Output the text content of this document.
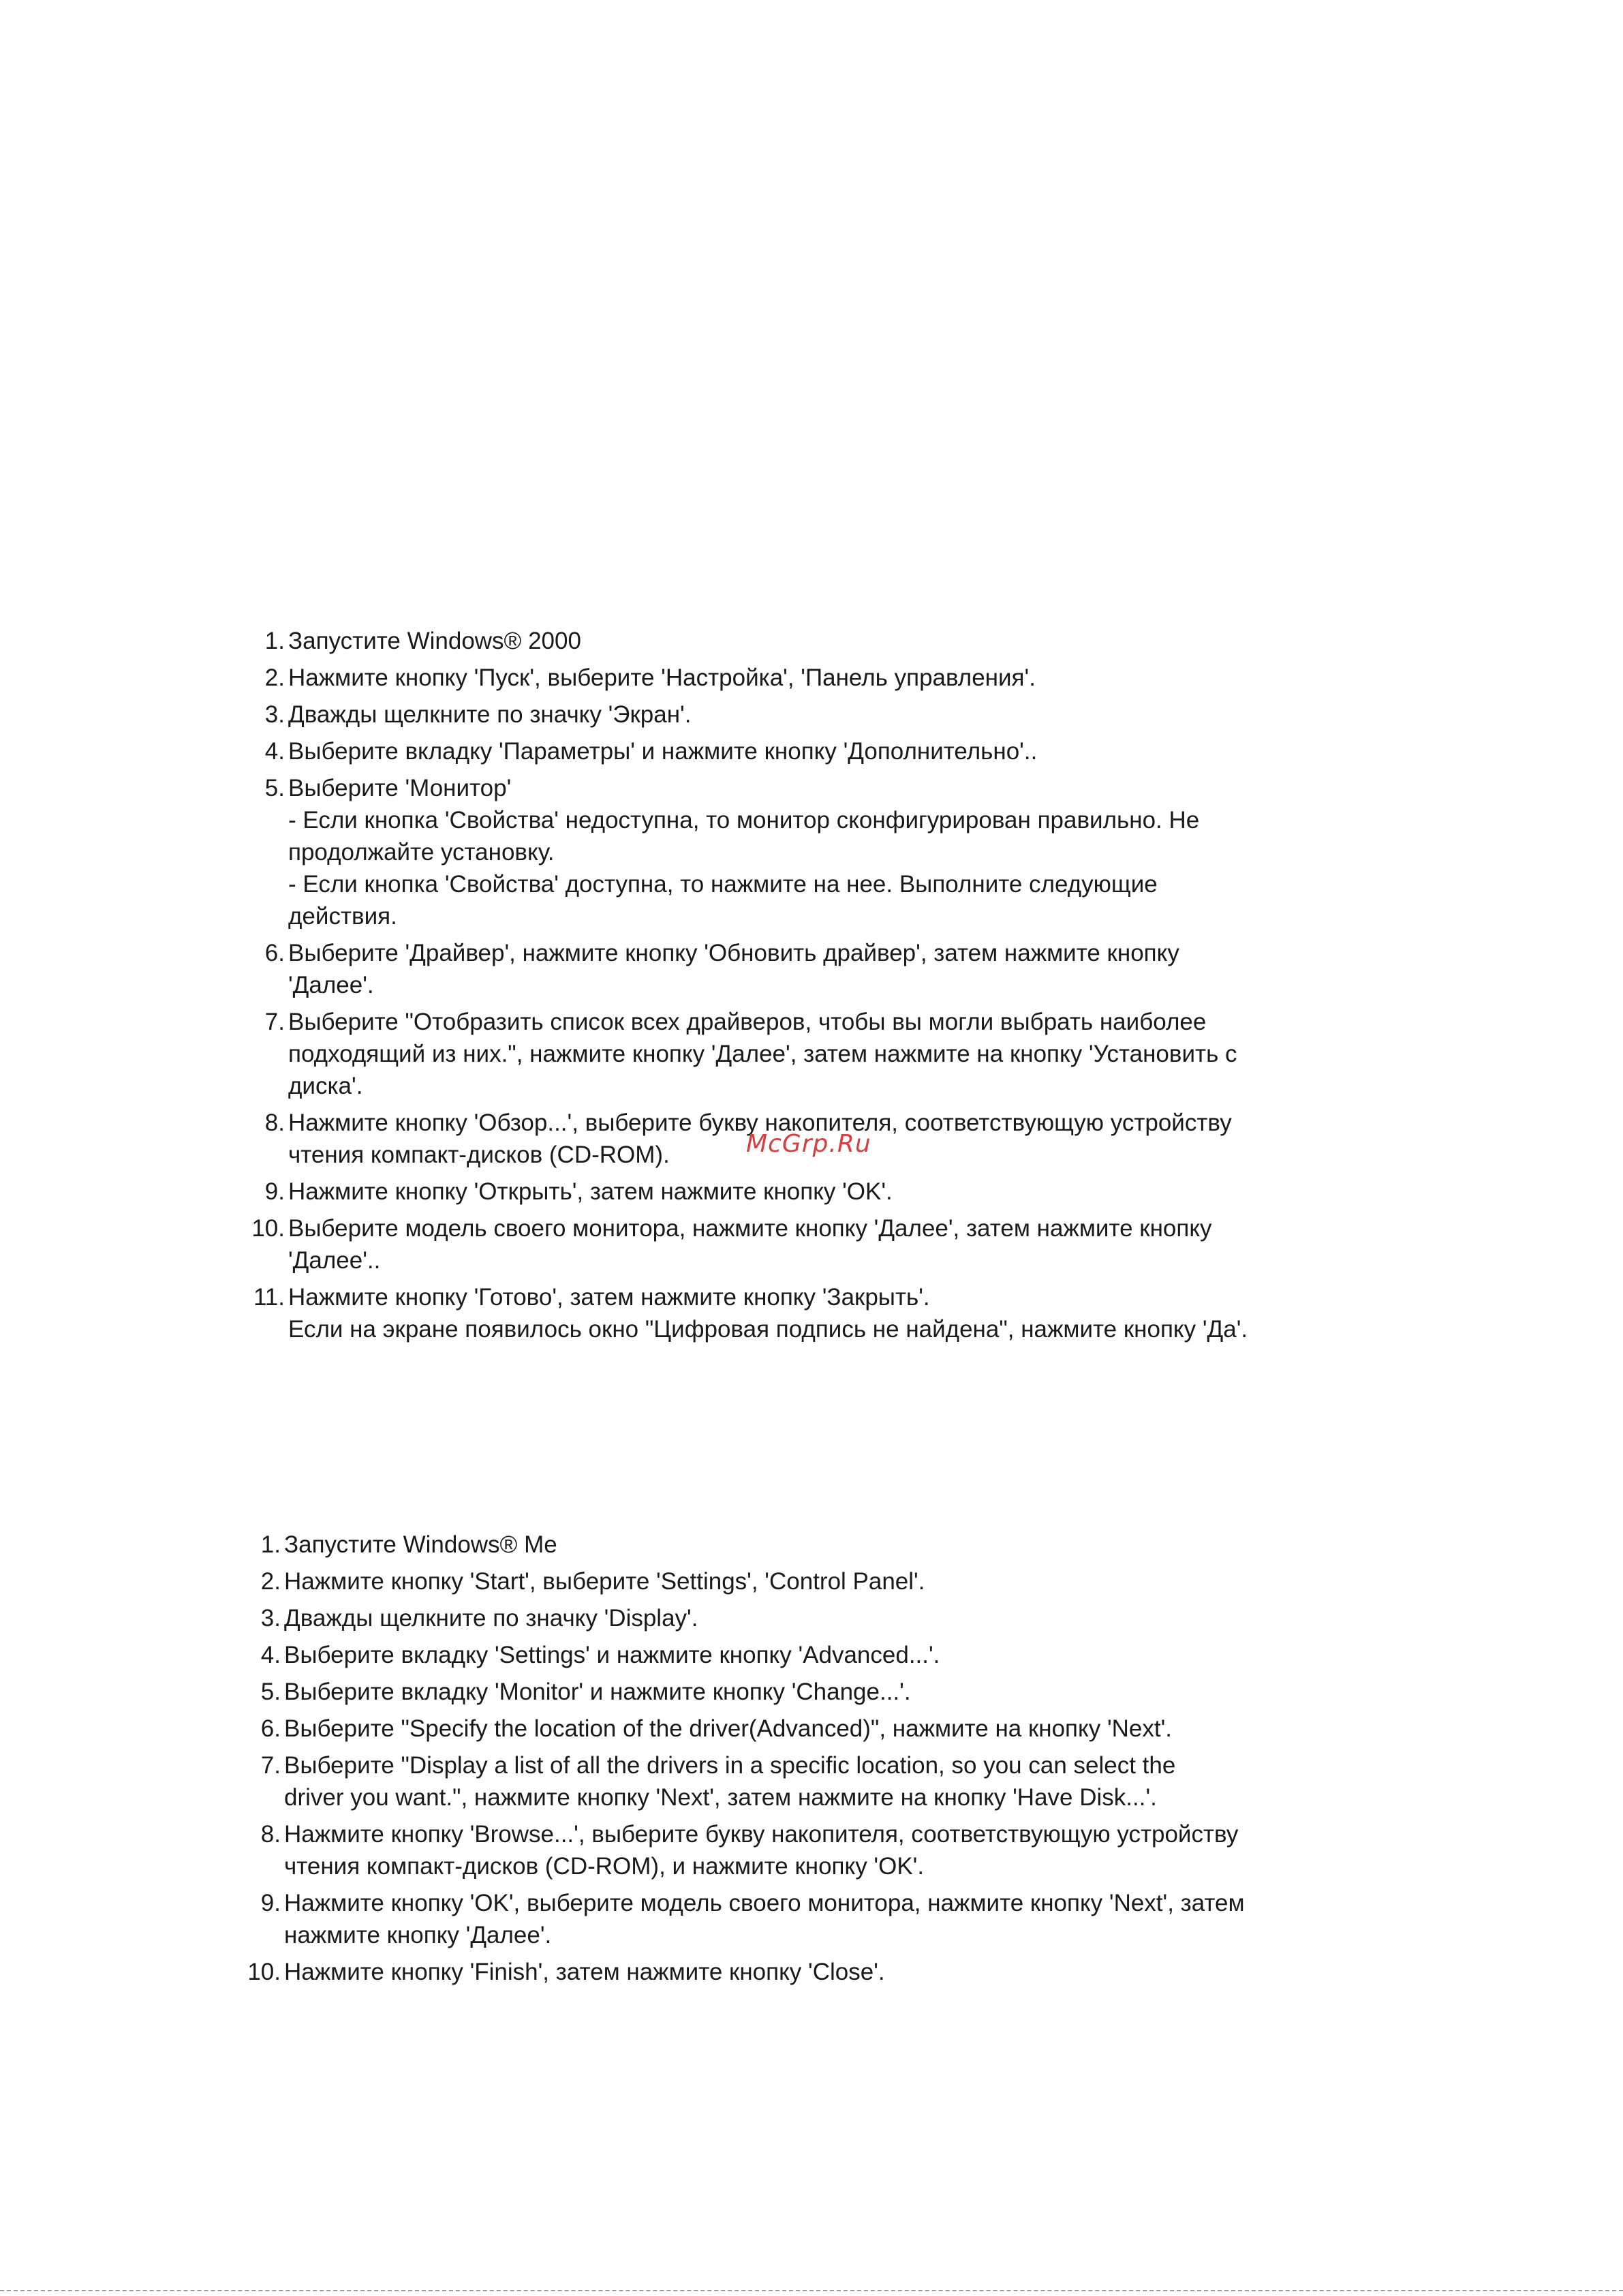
1. Запустите Windows® 2000
2. Нажмите кнопку 'Пуск', выберите 'Настройка', 'Панель управления'.
3. Дважды щелкните по значку 'Экран'.
4. Выберите вкладку 'Параметры' и нажмите кнопку 'Дополнительно'..
5. Выберите 'Монитор'
- Если кнопка 'Свойства' недоступна, то монитор сконфигурирован правильно. Не
продолжайте установку.
- Если кнопка 'Свойства' доступна, то нажмите на нее. Выполните следующие
действия.
6. Выберите 'Драйвер', нажмите кнопку 'Обновить драйвер', затем нажмите кнопку
'Далее'.
7. Выберите "Отобразить список всех драйверов, чтобы вы могли выбрать наиболее
подходящий из них.", нажмите кнопку 'Далее', затем нажмите на кнопку 'Установить с
диска'.
8. Нажмите кнопку 'Обзор...', выберите букву накопителя, соответствующую устройству
чтения компакт-дисков (CD-ROM).
9. Нажмите кнопку 'Открыть', затем нажмите кнопку 'OK'.
10. Выберите модель своего монитора, нажмите кнопку 'Далее', затем нажмите кнопку
'Далее'..
11. Нажмите кнопку 'Готово', затем нажмите кнопку 'Закрыть'.
Если на экране появилось окно "Цифровая подпись не найдена", нажмите кнопку 'Да'.
McGrp.Ru
1. Запустите Windows® Me
2. Нажмите кнопку 'Start', выберите 'Settings', 'Control Panel'.
3. Дважды щелкните по значку 'Display'.
4. Выберите вкладку 'Settings' и нажмите кнопку 'Advanced...'.
5. Выберите вкладку 'Monitor' и нажмите кнопку 'Change...'.
6. Выберите "Specify the location of the driver(Advanced)", нажмите на кнопку 'Next'.
7. Выберите "Display a list of all the drivers in a specific location, so you can select the
driver you want.", нажмите кнопку 'Next', затем нажмите на кнопку 'Have Disk...'.
8. Нажмите кнопку 'Browse...', выберите букву накопителя, соответствующую устройству
чтения компакт-дисков (CD-ROM), и нажмите кнопку 'OK'.
9. Нажмите кнопку 'OK', выберите модель своего монитора, нажмите кнопку 'Next', затем
нажмите кнопку 'Далее'.
10. Нажмите кнопку 'Finish', затем нажмите кнопку 'Close'.
